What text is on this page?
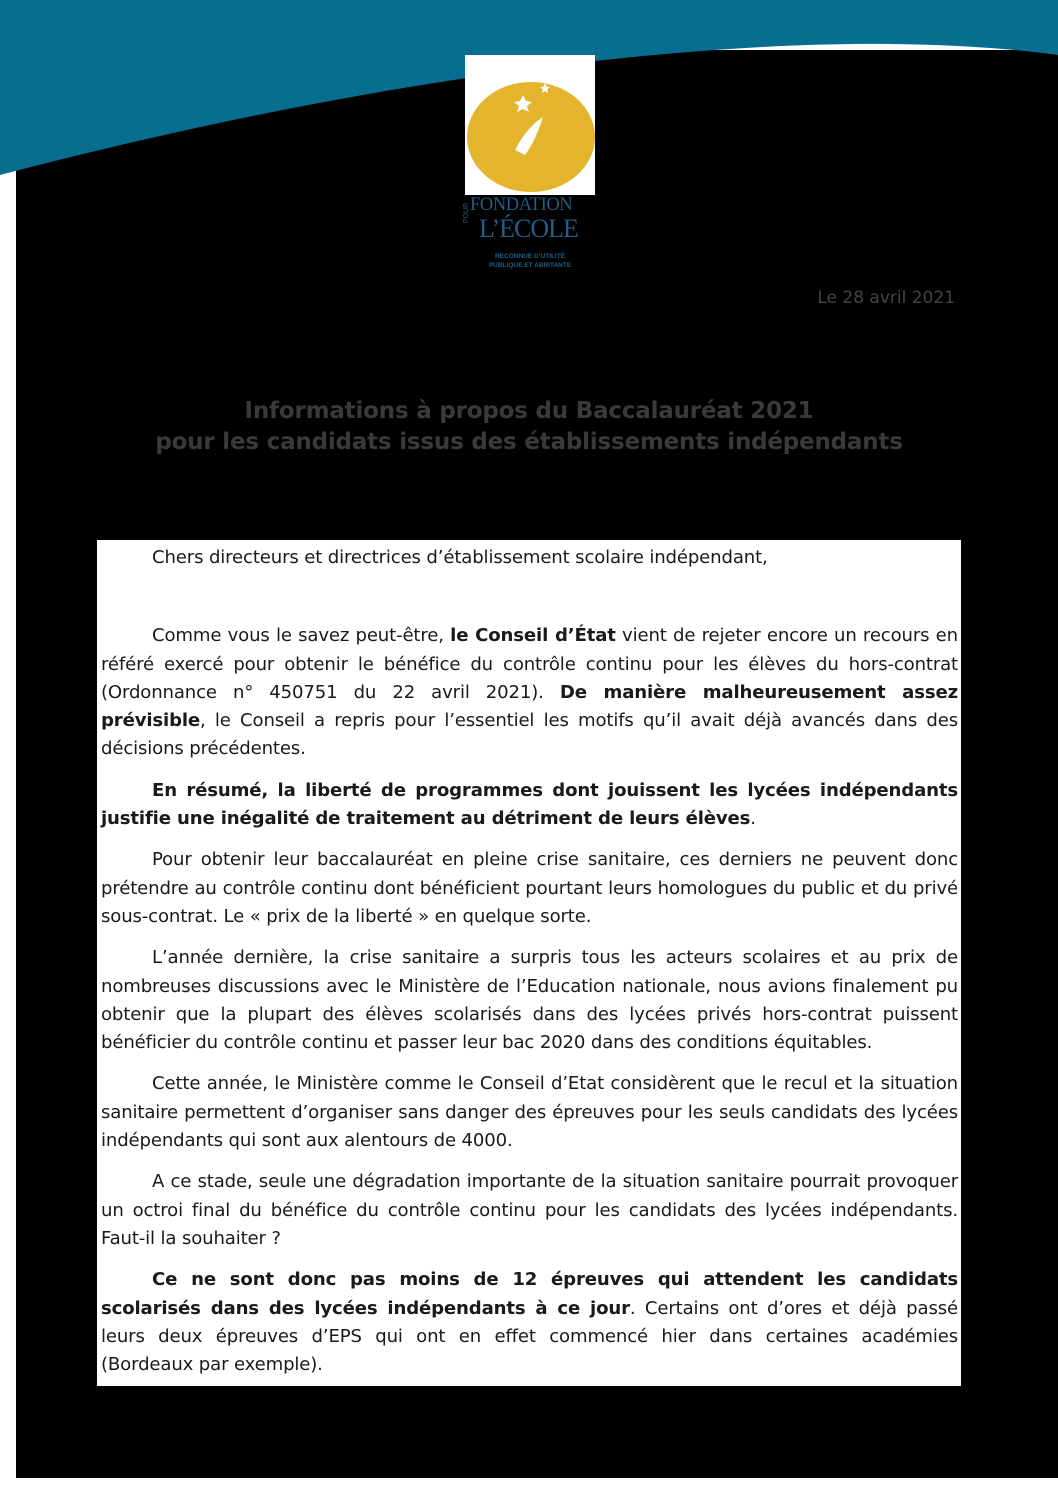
FONDATION
POUR
L’ÉCOLE
RECONNUE D’UTILITÉ
PUBLIQUE ET ABRITANTE
Le 28 avril 2021
Informations à propos du Baccalauréat 2021
pour les candidats issus des établissements indépendants

Chers directeurs et directrices d’établissement scolaire indépendant,

Comme vous le savez peut-être, le Conseil d’État vient de rejeter encore un recours en référé exercé pour obtenir le bénéfice du contrôle continu pour les élèves du hors-contrat (Ordonnance n° 450751 du 22 avril 2021). De manière malheureusement assez prévisible, le Conseil a repris pour l’essentiel les motifs qu’il avait déjà avancés dans des décisions précédentes.

En résumé, la liberté de programmes dont jouissent les lycées indépendants justifie une inégalité de traitement au détriment de leurs élèves.

Pour obtenir leur baccalauréat en pleine crise sanitaire, ces derniers ne peuvent donc prétendre au contrôle continu dont bénéficient pourtant leurs homologues du public et du privé sous-contrat. Le « prix de la liberté » en quelque sorte.

L’année dernière, la crise sanitaire a surpris tous les acteurs scolaires et au prix de nombreuses discussions avec le Ministère de l’Education nationale, nous avions finalement pu obtenir que la plupart des élèves scolarisés dans des lycées privés hors-contrat puissent bénéficier du contrôle continu et passer leur bac 2020 dans des conditions équitables.

Cette année, le Ministère comme le Conseil d’Etat considèrent que le recul et la situation sanitaire permettent d’organiser sans danger des épreuves pour les seuls candidats des lycées indépendants qui sont aux alentours de 4000.

A ce stade, seule une dégradation importante de la situation sanitaire pourrait provoquer un octroi final du bénéfice du contrôle continu pour les candidats des lycées indépendants. Faut-il la souhaiter ?

Ce ne sont donc pas moins de 12 épreuves qui attendent les candidats scolarisés dans des lycées indépendants à ce jour. Certains ont d’ores et déjà passé leurs deux épreuves d’EPS qui ont en effet commencé hier dans certaines académies (Bordeaux par exemple).
